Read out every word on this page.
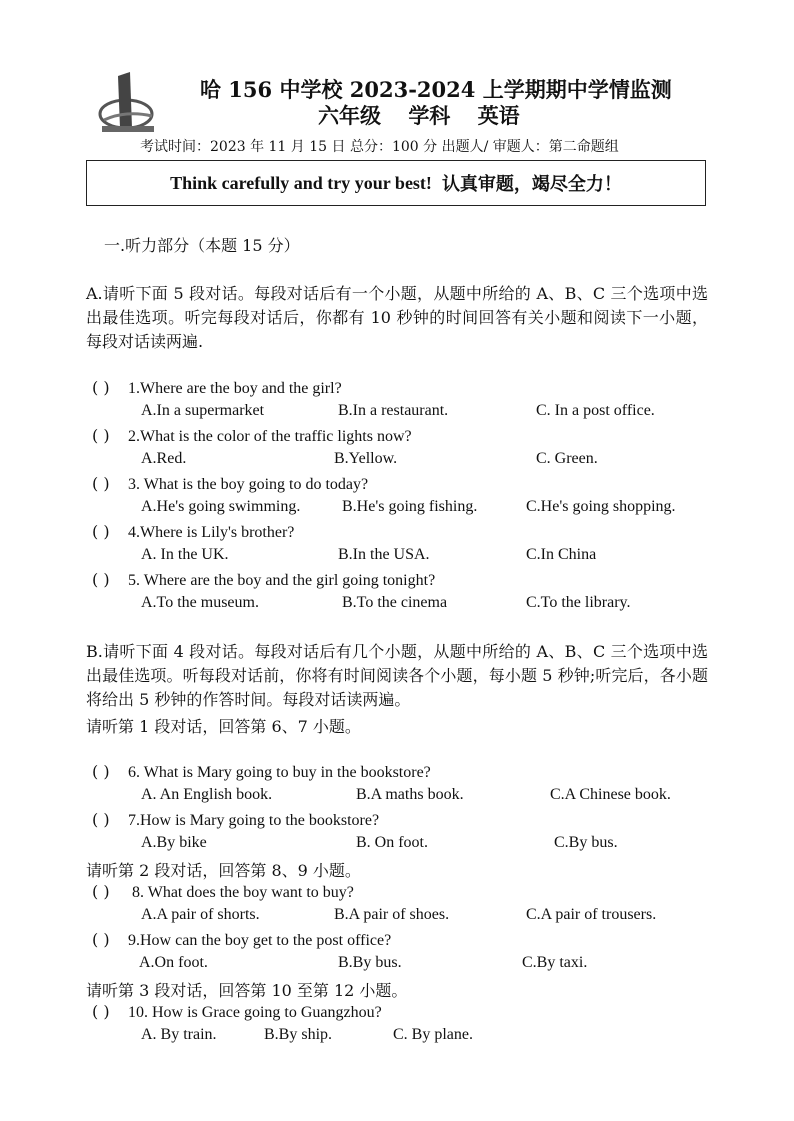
哈 156 中学校 2023-2024 上学期期中学情监测
六年级 学科 英语
考试时间：2023 年 11 月 15 日 总分：100 分 出题人/ 审题人：第二命题组
Think carefully and try your best! 认真审题，竭尽全力！
一.听力部分（本题 15 分）
A.请听下面 5 段对话。每段对话后有一个小题，从题中所给的 A、B、C 三个选项中选出最佳选项。听完每段对话后，你都有 10 秒钟的时间回答有关小题和阅读下一小题，每段对话读两遍.
( ) 1.Where are the boy and the girl?
A.In a supermarket	B.In a restaurant.	C. In a post office.
( ) 2.What is the color of the traffic lights now?
A.Red.	B.Yellow.	C. Green.
( ) 3. What is the boy going to do today?
A.He's going swimming.	B.He's going fishing.	C.He's going shopping.
( ) 4.Where is Lily's brother?
A. In the UK.	B.In the USA.	C.In China
( ) 5. Where are the boy and the girl going tonight?
A.To the museum.	B.To the cinema	C.To the library.
B.请听下面 4 段对话。每段对话后有几个小题，从题中所给的 A、B、C 三个选项中选出最佳选项。听每段对话前，你将有时间阅读各个小题，每小题 5 秒钟;听完后，各小题将给出 5 秒钟的作答时间。每段对话读两遍。
请听第 1 段对话，回答第 6、7 小题。
( ) 6. What is Mary going to buy in the bookstore?
A. An English book.	B.A maths book.	C.A Chinese book.
( ) 7.How is Mary going to the bookstore?
A.By bike	B. On foot.	C.By bus.
请听第 2 段对话，回答第 8、9 小题。
( ) 8. What does the boy want to buy?
A.A pair of shorts.	B.A pair of shoes.	C.A pair of trousers.
( ) 9.How can the boy get to the post office?
A.On foot.	B.By bus.	C.By taxi.
请听第 3 段对话，回答第 10 至第 12 小题。
( ) 10. How is Grace going to Guangzhou?
A. By train.	B.By ship.	C. By plane.
